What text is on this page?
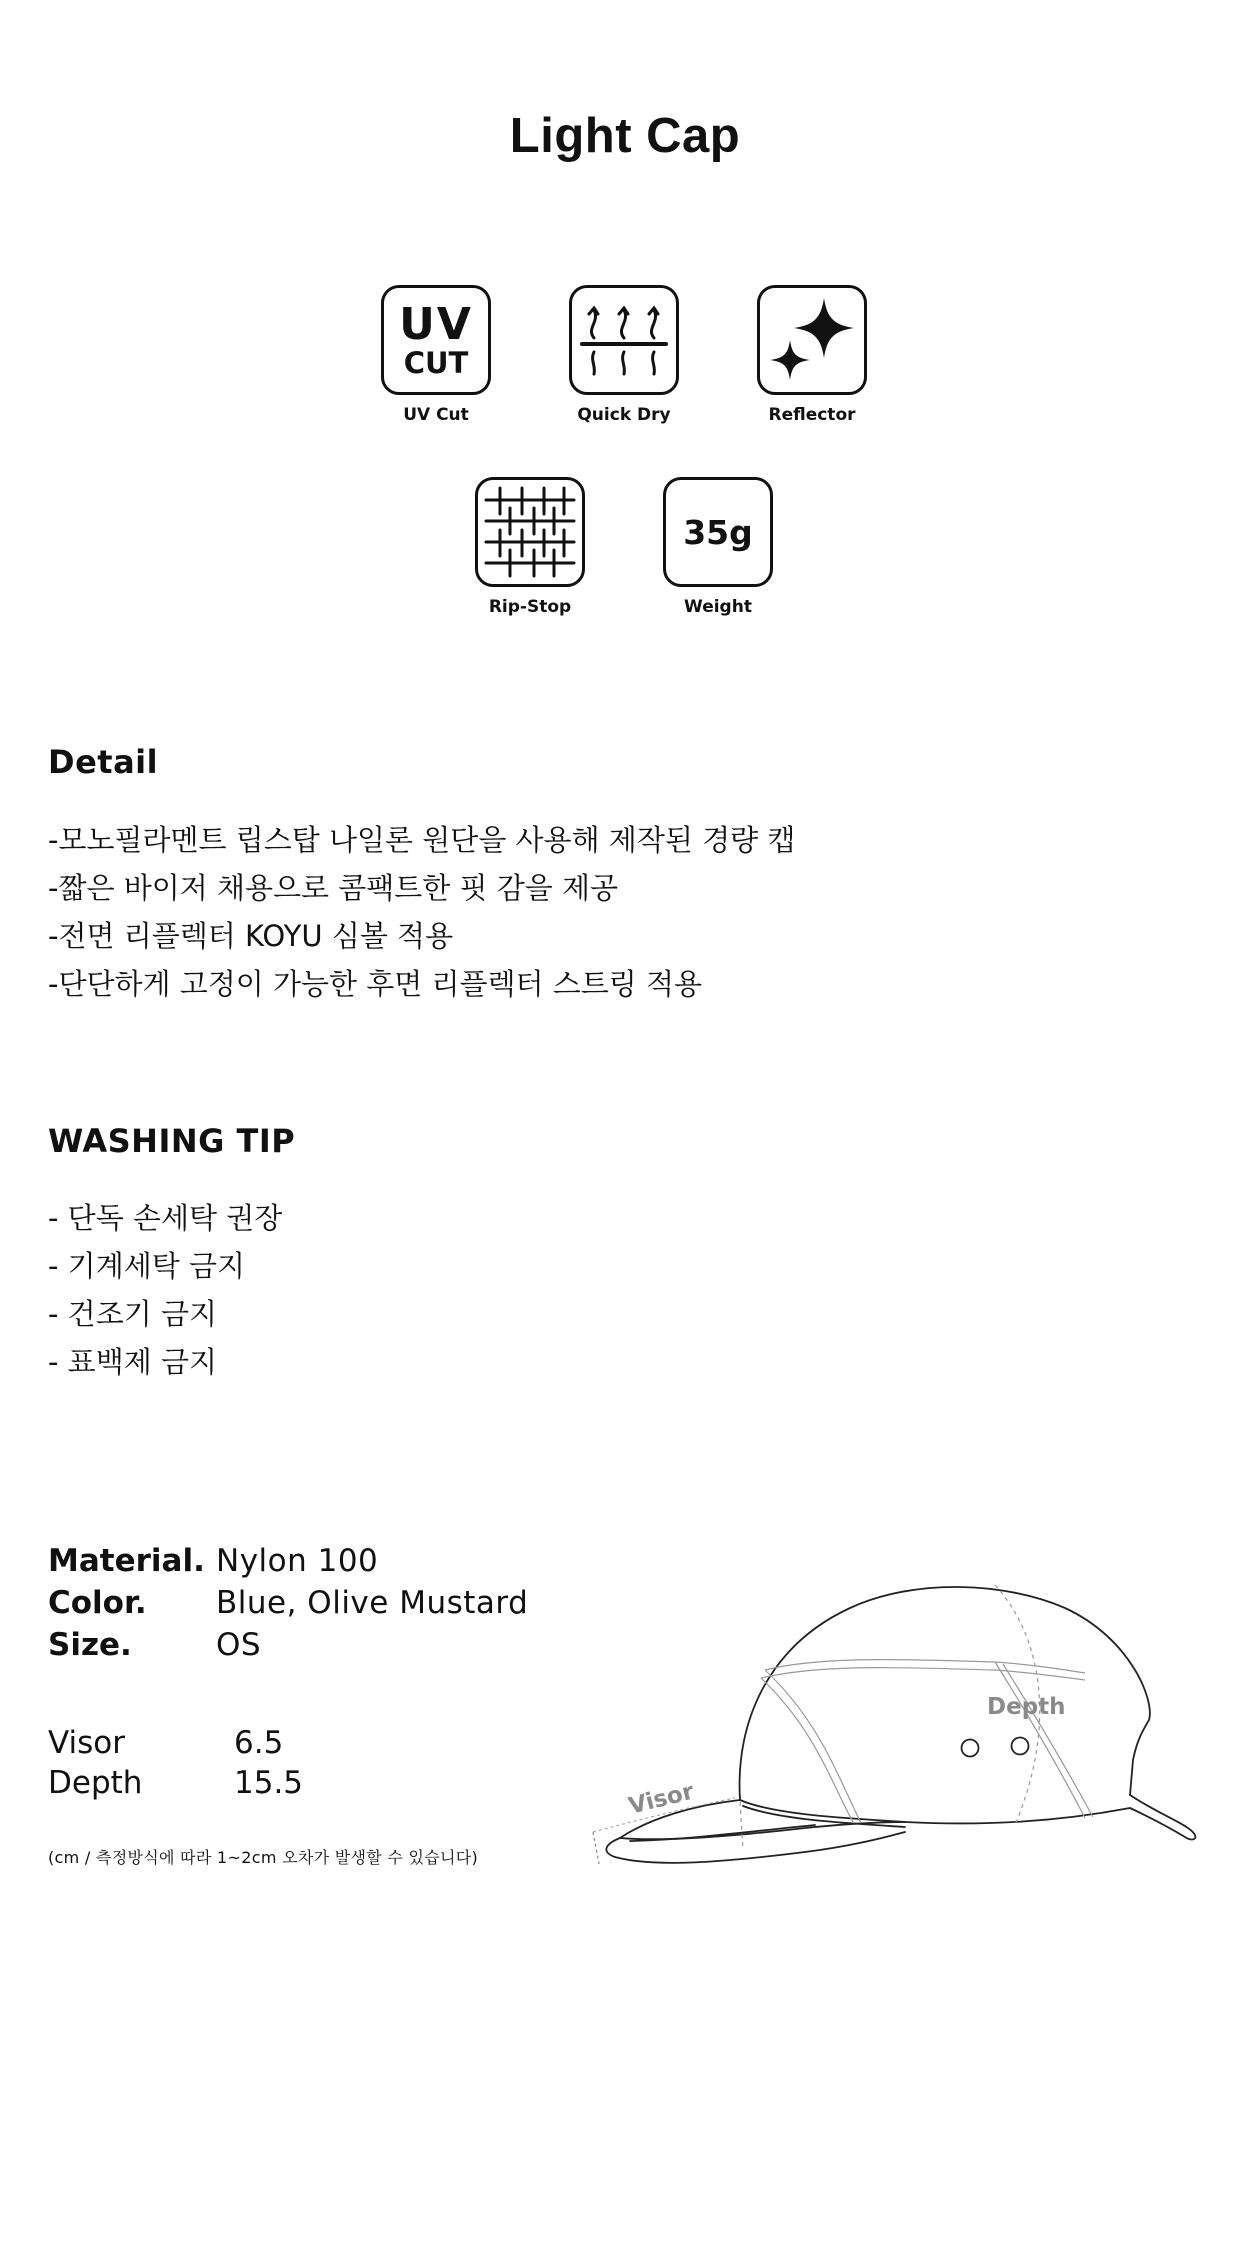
Light Cap
UV
CUT
UV Cut	Quick Dry	Reflector
Rip-Stop
35g
Weight
Detail
-모노필라멘트 립스탑 나일론 원단을 사용해 제작된 경량 캡
-짧은 바이저 채용으로 콤팩트한 핏 감을 제공
-전면 리플렉터 KOYU 심볼 적용
-단단하게 고정이 가능한 후면 리플렉터 스트링 적용
WASHING TIP
- 단독 손세탁 권장
- 기계세탁 금지
- 건조기 금지
- 표백제 금지
Material. Nylon 100
Color.	Blue, Olive Mustard
Size.	OS
Visor	6.5
Depth	15.5
(cm / 측정방식에 따라 1~2cm 오차가 발생할 수 있습니다)
Depth
Visor
